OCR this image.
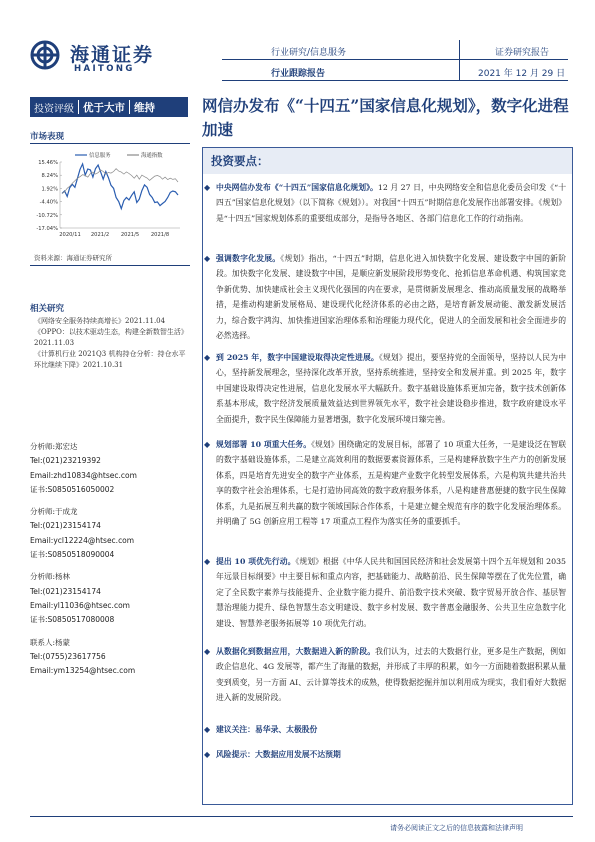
海通证券
HAITONG
行业研究/信息服务
行业跟踪报告
证券研究报告
2021 年 12 月 29 日
投资评级 优于大市 维持	网信办发布《“十四五”国家信息化规划》，数字化进程加速
市场表现
信息服务	海通指数
15.46%
8.24%
1.92%
-4.40%
-10.72%
-17.04%
2020/11 2021/2 2021/5 2021/8
资料来源：海通证券研究所
相关研究

《网络安全服务持续高增长》2021.11.04

《OPPO：以技术驱动生态，构建全新数智生活》2021.11.03

《计算机行业 2021Q3 机构持仓分析：持仓水平环比继续下降》2021.10.31

分析师:郑宏达
Tel:(021)23219392
Email:zhd10834@htsec.com
证书:S0850516050002
分析师:于成龙
Tel:(021)23154174
Email:ycl12224@htsec.com
证书:S0850518090004
分析师:杨林
Tel:(021)23154174
Email:yl11036@htsec.com
证书:S0850517080008
联系人:杨蒙
Tel:(0755)23617756
Email:ym13254@htsec.com
投资要点：
◆ 中央网信办发布《“十四五”国家信息化规划》。12 月 27 日，中央网络安全和信息化委员会印发《“十四五”国家信息化规划》（以下简称《规划》）。对我国“十四五”时期信息化发展作出部署安排。《规划》是“十四五”国家规划体系的重要组成部分，是指导各地区、各部门信息化工作的行动指南。
◆ 强调数字化发展。《规划》指出，“十四五”时期，信息化进入加快数字化发展、建设数字中国的新阶段。加快数字化发展、建设数字中国，是顺应新发展阶段形势变化、抢抓信息革命机遇、构筑国家竞争新优势、加快建成社会主义现代化强国的内在要求，是贯彻新发展理念、推动高质量发展的战略举措，是推动构建新发展格局、建设现代化经济体系的必由之路，是培育新发展动能、激发新发展活力，综合数字鸿沟、加快推进国家治理体系和治理能力现代化，促进人的全面发展和社会全面进步的必然选择。
◆ 到 2025 年，数字中国建设取得决定性进展。《规划》提出，要坚持党的全面领导，坚持以人民为中心，坚持新发展理念，坚持深化改革开放，坚持系统推进，坚持安全和发展并重。到 2025 年，数字中国建设取得决定性进展，信息化发展水平大幅跃升。数字基础设施体系更加完备，数字技术创新体系基本形成，数字经济发展质量效益达到世界领先水平，数字社会建设稳步推进，数字政府建设水平全面提升，数字民生保障能力显著增强，数字化发展环境日臻完善。
◆ 规划部署 10 项重大任务。《规划》围绕确定的发展目标，部署了 10 项重大任务，一是建设泛在智联的数字基础设施体系，二是建立高效利用的数据要素资源体系，三是构建释放数字生产力的创新发展体系，四是培育先进安全的数字产业体系，五是构建产业数字化转型发展体系，六是构筑共建共治共享的数字社会治理体系，七是打造协同高效的数字政府服务体系，八是构建普惠便捷的数字民生保障体系，九是拓展互利共赢的数字领域国际合作体系，十是建立健全规范有序的数字化发展治理体系。并明确了 5G 创新应用工程等 17 项重点工程作为落实任务的重要抓手。
◆ 提出 10 项优先行动。《规划》根据《中华人民共和国国民经济和社会发展第十四个五年规划和 2035 年远景目标纲要》中主要目标和重点内容，把基础能力、战略前沿、民生保障等摆在了优先位置，确定了全民数字素养与技能提升、企业数字能力提升、前沿数字技术突破、数字贸易开放合作、基层智慧治理能力提升、绿色智慧生态文明建设、数字乡村发展、数字普惠金融服务、公共卫生应急数字化建设、智慧养老服务拓展等 10 项优先行动。
◆ 从数据化到数据应用，大数据进入新的阶段。我们认为，过去的大数据行业，更多是生产数据，例如政企信息化、4G 发展等，都产生了海量的数据，并形成了丰厚的积累，如今一方面随着数据积累从量变到质变，另一方面 AI、云计算等技术的成熟，使得数据挖掘并加以利用成为现实，我们看好大数据进入新的发展阶段。
◆ 建议关注：易华录、太极股份
◆ 风险提示：大数据应用发展不达预期
请务必阅读正文之后的信息披露和法律声明
